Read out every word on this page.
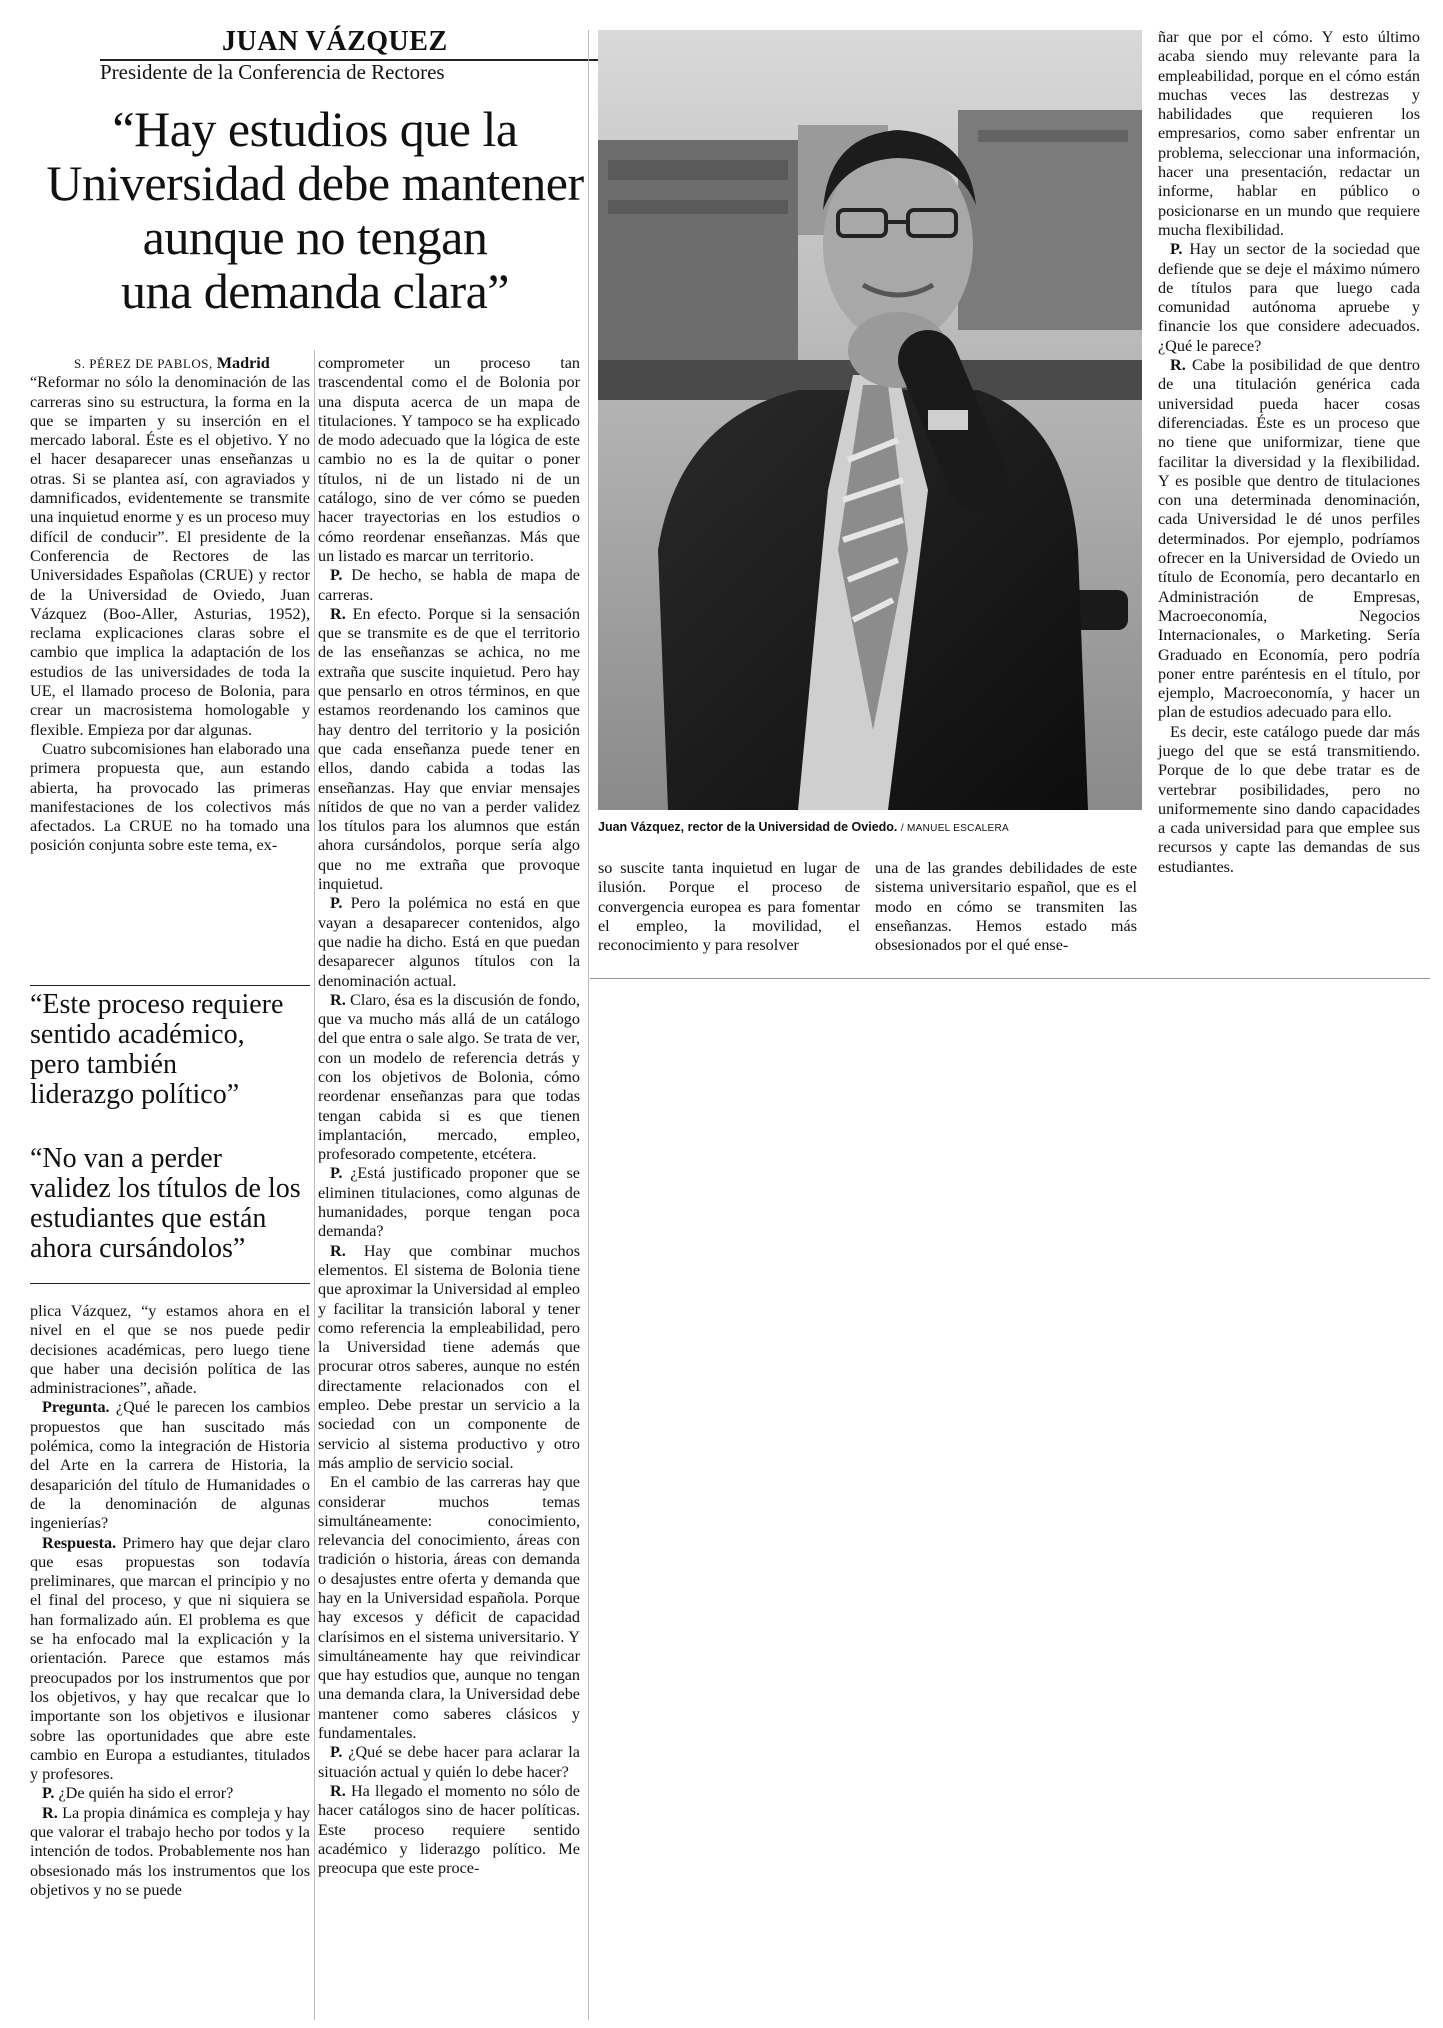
JUAN VÁZQUEZ
Presidente de la Conferencia de Rectores
“Hay estudios que la
Universidad debe mantener
aunque no tengan
una demanda clara”
S. PÉREZ DE PABLOS, Madrid

“Reformar no sólo la denominación de las carreras sino su estructura, la forma en la que se imparten y su inserción en el mercado laboral. Éste es el objetivo. Y no el hacer desaparecer unas enseñanzas u otras. Si se plantea así, con agraviados y damnificados, evidentemente se transmite una inquietud enorme y es un proceso muy difícil de conducir”. El presidente de la Conferencia de Rectores de las Universidades Españolas (CRUE) y rector de la Universidad de Oviedo, Juan Vázquez (Boo-Aller, Asturias, 1952), reclama explicaciones claras sobre el cambio que implica la adaptación de los estudios de las universidades de toda la UE, el llamado proceso de Bolonia, para crear un macrosistema homologable y flexible. Empieza por dar algunas.

Cuatro subcomisiones han elaborado una primera propuesta que, aun estando abierta, ha provocado las primeras manifestaciones de los colectivos más afectados. La CRUE no ha tomado una posición conjunta sobre este tema, ex-

“Este proceso requiere
sentido académico,
pero también
liderazgo político”
“No van a perder
validez los títulos de los
estudiantes que están
ahora cursándolos”

plica Vázquez, “y estamos ahora en el nivel en el que se nos puede pedir decisiones académicas, pero luego tiene que haber una decisión política de las administraciones”, añade.

Pregunta. ¿Qué le parecen los cambios propuestos que han suscitado más polémica, como la integración de Historia del Arte en la carrera de Historia, la desaparición del título de Humanidades o de la denominación de algunas ingenierías?

Respuesta. Primero hay que dejar claro que esas propuestas son todavía preliminares, que marcan el principio y no el final del proceso, y que ni siquiera se han formalizado aún. El problema es que se ha enfocado mal la explicación y la orientación. Parece que estamos más preocupados por los instrumentos que por los objetivos, y hay que recalcar que lo importante son los objetivos e ilusionar sobre las oportunidades que abre este cambio en Europa a estudiantes, titulados y profesores.

P. ¿De quién ha sido el error?

R. La propia dinámica es compleja y hay que valorar el trabajo hecho por todos y la intención de todos. Probablemente nos han obsesionado más los instrumentos que los objetivos y no se puede

comprometer un proceso tan trascendental como el de Bolonia por una disputa acerca de un mapa de titulaciones. Y tampoco se ha explicado de modo adecuado que la lógica de este cambio no es la de quitar o poner títulos, ni de un listado ni de un catálogo, sino de ver cómo se pueden hacer trayectorias en los estudios o cómo reordenar enseñanzas. Más que un listado es marcar un territorio.

P. De hecho, se habla de mapa de carreras.

R. En efecto. Porque si la sensación que se transmite es de que el territorio de las enseñanzas se achica, no me extraña que suscite inquietud. Pero hay que pensarlo en otros términos, en que estamos reordenando los caminos que hay dentro del territorio y la posición que cada enseñanza puede tener en ellos, dando cabida a todas las enseñanzas. Hay que enviar mensajes nítidos de que no van a perder validez los títulos para los alumnos que están ahora cursándolos, porque sería algo que no me extraña que provoque inquietud.

P. Pero la polémica no está en que vayan a desaparecer contenidos, algo que nadie ha dicho. Está en que puedan desaparecer algunos títulos con la denominación actual.

R. Claro, ésa es la discusión de fondo, que va mucho más allá de un catálogo del que entra o sale algo. Se trata de ver, con un modelo de referencia detrás y con los objetivos de Bolonia, cómo reordenar enseñanzas para que todas tengan cabida si es que tienen implantación, mercado, empleo, profesorado competente, etcétera.

P. ¿Está justificado proponer que se eliminen titulaciones, como algunas de humanidades, porque tengan poca demanda?

R. Hay que combinar muchos elementos. El sistema de Bolonia tiene que aproximar la Universidad al empleo y facilitar la transición laboral y tener como referencia la empleabilidad, pero la Universidad tiene además que procurar otros saberes, aunque no estén directamente relacionados con el empleo. Debe prestar un servicio a la sociedad con un componente de servicio al sistema productivo y otro más amplio de servicio social.

En el cambio de las carreras hay que considerar muchos temas simultáneamente: conocimiento, relevancia del conocimiento, áreas con tradición o historia, áreas con demanda o desajustes entre oferta y demanda que hay en la Universidad española. Porque hay excesos y déficit de capacidad clarísimos en el sistema universitario. Y simultáneamente hay que reivindicar que hay estudios que, aunque no tengan una demanda clara, la Universidad debe mantener como saberes clásicos y fundamentales.

P. ¿Qué se debe hacer para aclarar la situación actual y quién lo debe hacer?

R. Ha llegado el momento no sólo de hacer catálogos sino de hacer políticas. Este proceso requiere sentido académico y liderazgo político. Me preocupa que este proce-

Juan Vázquez, rector de la Universidad de Oviedo. / MANUEL ESCALERA

so suscite tanta inquietud en lugar de ilusión. Porque el proceso de convergencia europea es para fomentar el empleo, la movilidad, el reconocimiento y para resolver

una de las grandes debilidades de este sistema universitario español, que es el modo en cómo se transmiten las enseñanzas. Hemos estado más obsesionados por el qué ense-

ñar que por el cómo. Y esto último acaba siendo muy relevante para la empleabilidad, porque en el cómo están muchas veces las destrezas y habilidades que requieren los empresarios, como saber enfrentar un problema, seleccionar una información, hacer una presentación, redactar un informe, hablar en público o posicionarse en un mundo que requiere mucha flexibilidad.

P. Hay un sector de la sociedad que defiende que se deje el máximo número de títulos para que luego cada comunidad autónoma apruebe y financie los que considere adecuados. ¿Qué le parece?

R. Cabe la posibilidad de que dentro de una titulación genérica cada universidad pueda hacer cosas diferenciadas. Éste es un proceso que no tiene que uniformizar, tiene que facilitar la diversidad y la flexibilidad. Y es posible que dentro de titulaciones con una determinada denominación, cada Universidad le dé unos perfiles determinados. Por ejemplo, podríamos ofrecer en la Universidad de Oviedo un título de Economía, pero decantarlo en Administración de Empresas, Macroeconomía, Negocios Internacionales, o Marketing. Sería Graduado en Economía, pero podría poner entre paréntesis en el título, por ejemplo, Macroeconomía, y hacer un plan de estudios adecuado para ello.

Es decir, este catálogo puede dar más juego del que se está transmitiendo. Porque de lo que debe tratar es de vertebrar posibilidades, pero no uniformemente sino dando capacidades a cada universidad para que emplee sus recursos y capte las demandas de sus estudiantes.
